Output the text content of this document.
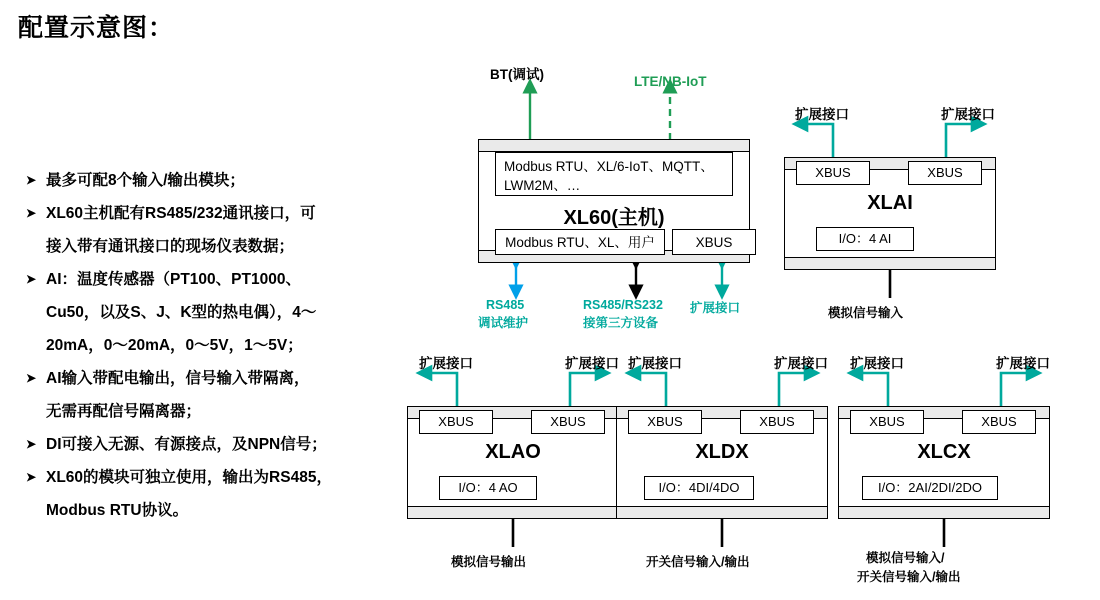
配置示意图：
➤ 最多可配8个输入/输出模块；
➤ XL60主机配有RS485/232通讯接口，可
接入带有通讯接口的现场仪表数据；
➤ AI：温度传感器（PT100、PT1000、
Cu50，以及S、J、K型的热电偶），4～
20mA，0～20mA，0～5V，1～5V；
➤ AI输入带配电输出，信号输入带隔离，
无需再配信号隔离器；
➤ DI可接入无源、有源接点，及NPN信号；
➤ XL60的模块可独立使用，输出为RS485，
Modbus RTU协议。
Modbus RTU、XL/6-IoT、MQTT、LWM2M、…
XL60(主机)
Modbus RTU、XL、用户	XBUS
BT(调试)	LTE/NB-IoT
RS485
调试维护
RS485/RS232
接第三方设备
扩展接口
扩展接口	扩展接口
XBUS	XBUS
XLAI
I/O：4 AI
模拟信号输入
扩展接口	扩展接口
XBUS	XBUS
XLAO
I/O：4 AO
模拟信号输出
扩展接口	扩展接口
XBUS	XBUS
XLDX
I/O：4DI/4DO
开关信号输入/输出
扩展接口	扩展接口
XBUS	XBUS
XLCX
I/O：2AI/2DI/2DO
模拟信号输入/
开关信号输入/输出
